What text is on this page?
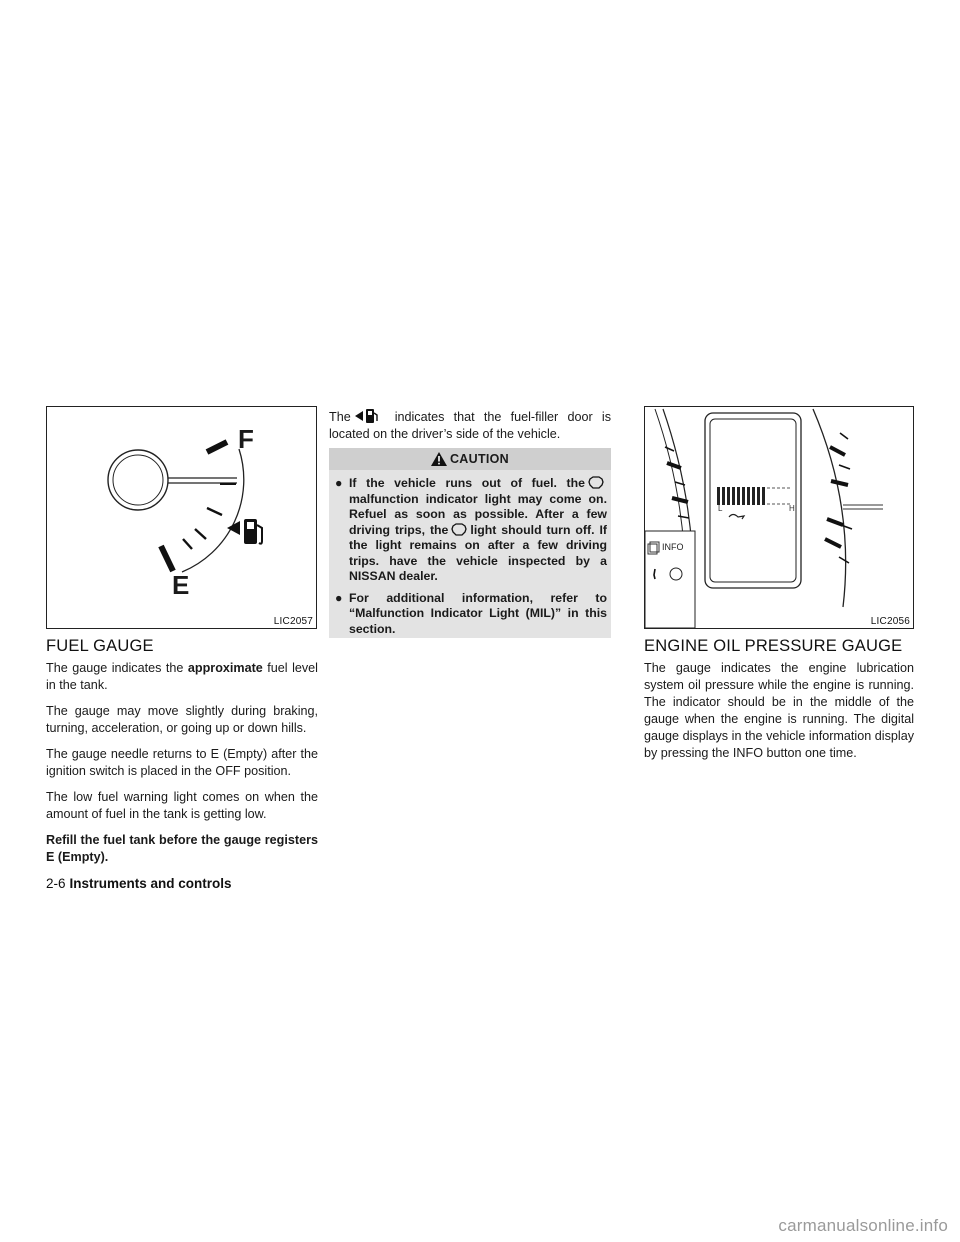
F
E
LIC2057
FUEL GAUGE

The gauge indicates the approximate fuel level in the tank.

The gauge may move slightly during braking, turning, acceleration, or going up or down hills.

The gauge needle returns to E (Empty) after the ignition switch is placed in the OFF position.

The low fuel warning light comes on when the amount of fuel in the tank is getting low.

Refill the fuel tank before the gauge registers E (Empty).

The	indicates that the fuel-filler door is located on the driver’s side of the vehicle.

CAUTION
● If the vehicle runs out of fuel. themalfunction indicator light may come on. Refuel as soon as possible. After a few driving trips, the light should turn off. If the light remains on after a few driving trips. have the vehicle inspected by a NISSAN dealer.
● For additional information, refer to “Malfunction Indicator Light (MIL)” in this section.
L	H
INFO
LIC2056
ENGINE OIL PRESSURE GAUGE

The gauge indicates the engine lubrication system oil pressure while the engine is running. The indicator should be in the middle of the gauge when the engine is running. The digital gauge displays in the vehicle information display by pressing the INFO button one time.

2-6 Instruments and controls
carmanualsonline.info
